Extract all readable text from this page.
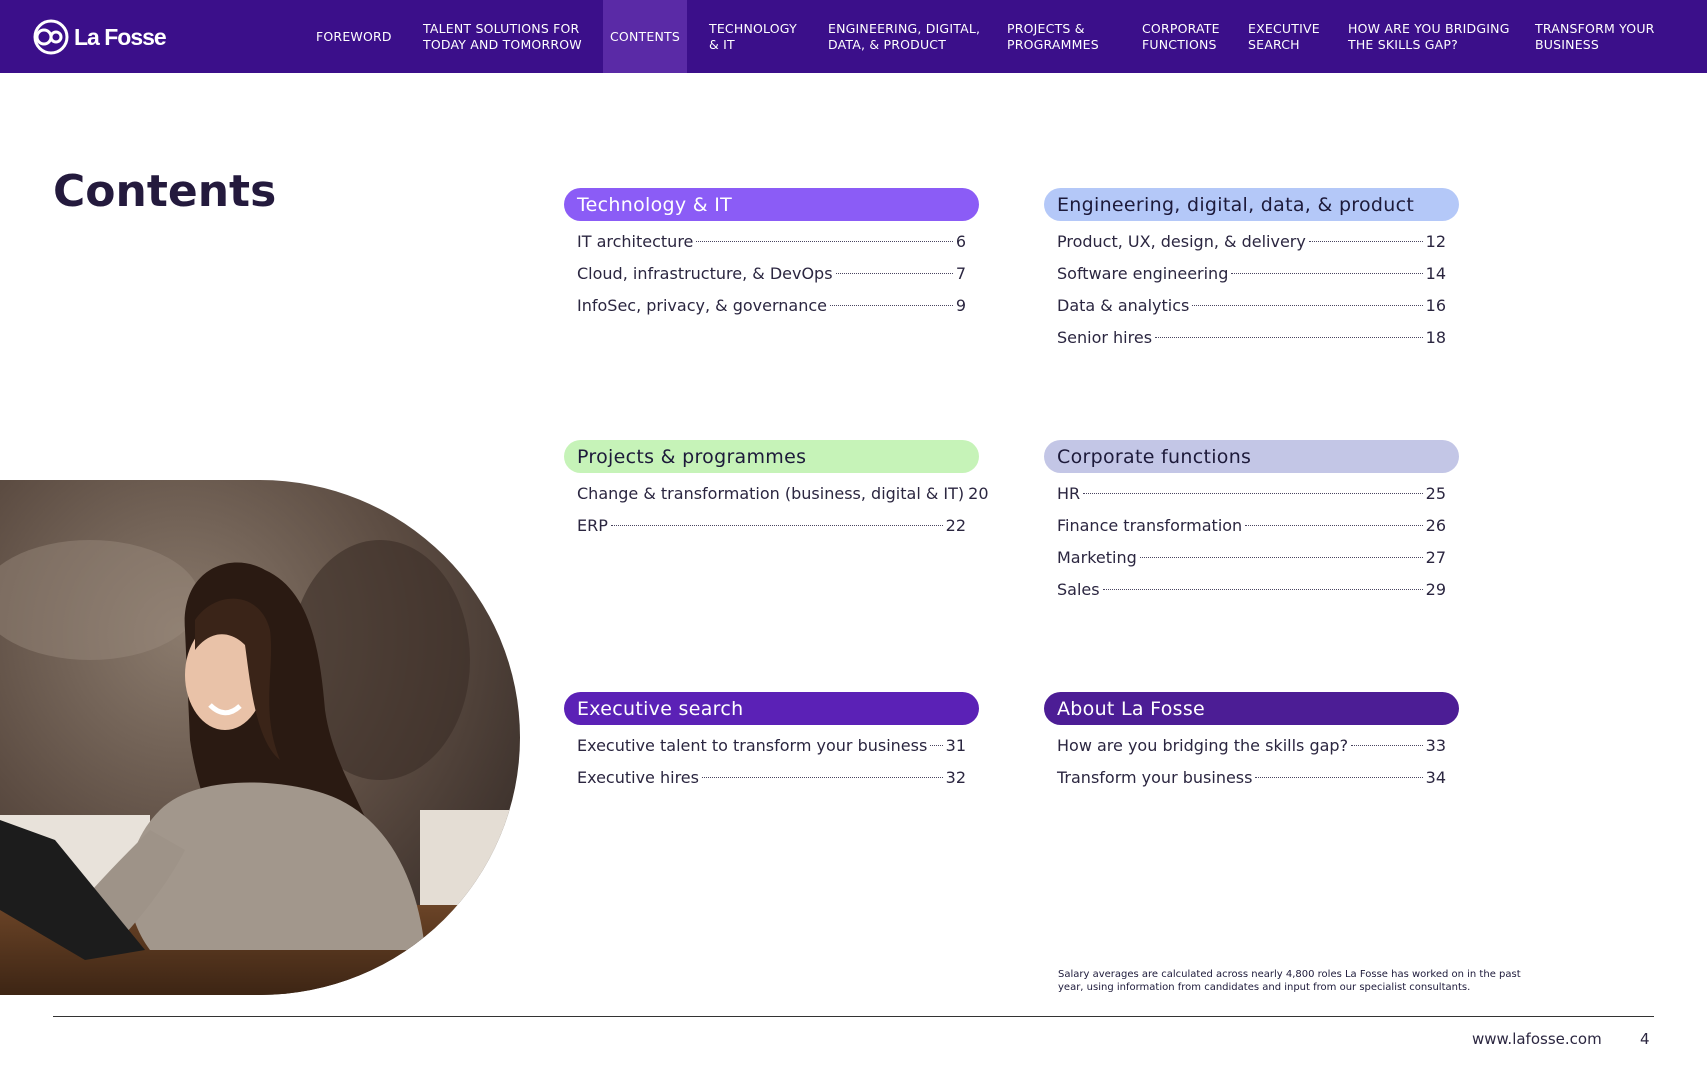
La Fosse	FOREWORD
TALENT SOLUTIONS FOR
TODAY AND TOMORROW
CONTENTS
TECHNOLOGY
& IT
ENGINEERING, DIGITAL,
DATA, & PRODUCT
PROJECTS &
PROGRAMMES
CORPORATE
FUNCTIONS
EXECUTIVE
SEARCH
HOW ARE YOU BRIDGING
THE SKILLS GAP?
TRANSFORM YOUR
BUSINESS
Contents	Technology & IT
IT architecture	6
Cloud, infrastructure, & DevOps	7
InfoSec, privacy, & governance	9
Engineering, digital, data, & product
Product, UX, design, & delivery	12
Software engineering	14
Data & analytics	16
Senior hires	18
Projects & programmes
Change & transformation (business, digital & IT) 20
ERP	22
Corporate functions
HR	25
Finance transformation	26
Marketing	27
Sales	29
Executive search
Executive talent to transform your business 31
Executive hires	32
About La Fosse
How are you bridging the skills gap?	33
Transform your business	34
Salary averages are calculated across nearly 4,800 roles La Fosse has worked on in the past year, using information from candidates and input from our specialist consultants.
www.lafosse.com	4
